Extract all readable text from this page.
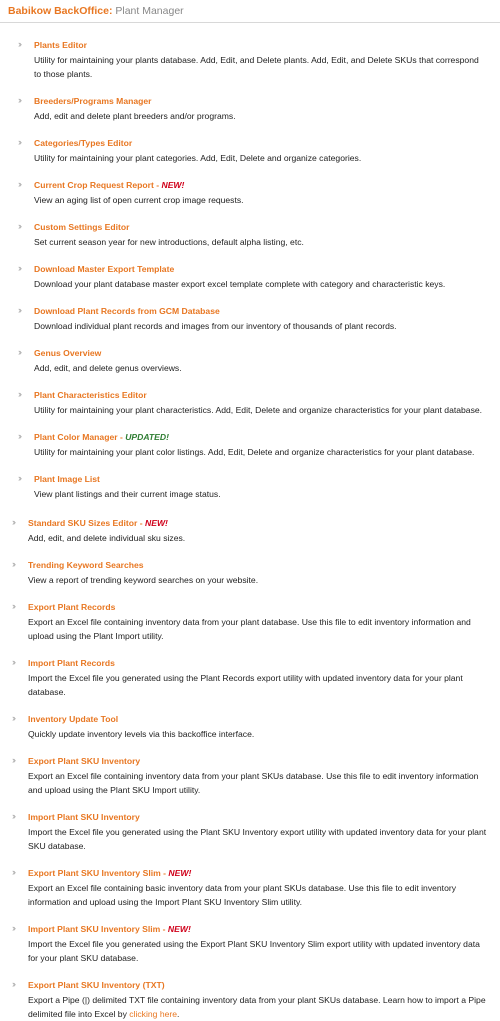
Babikow BackOffice: Plant Manager
›› Plants Editor
Utility for maintaining your plants database. Add, Edit, and Delete plants. Add, Edit, and Delete SKUs that correspond to those plants.
›› Breeders/Programs Manager
Add, edit and delete plant breeders and/or programs.
›› Categories/Types Editor
Utility for maintaining your plant categories. Add, Edit, Delete and organize categories.
›› Current Crop Request Report - NEW!
View an aging list of open current crop image requests.
›› Custom Settings Editor
Set current season year for new introductions, default alpha listing, etc.
›› Download Master Export Template
Download your plant database master export excel template complete with category and characteristic keys.
›› Download Plant Records from GCM Database
Download individual plant records and images from our inventory of thousands of plant records.
›› Genus Overview
Add, edit, and delete genus overviews.
›› Plant Characteristics Editor
Utility for maintaining your plant characteristics. Add, Edit, Delete and organize characteristics for your plant database.
›› Plant Color Manager - UPDATED!
Utility for maintaining your plant color listings. Add, Edit, Delete and organize characteristics for your plant database.
›› Plant Image List
View plant listings and their current image status.
›› Standard SKU Sizes Editor - NEW!
Add, edit, and delete individual sku sizes.
›› Trending Keyword Searches
View a report of trending keyword searches on your website.
›› Export Plant Records
Export an Excel file containing inventory data from your plant database. Use this file to edit inventory information and upload using the Plant Import utility.
›› Import Plant Records
Import the Excel file you generated using the Plant Records export utility with updated inventory data for your plant database.
›› Inventory Update Tool
Quickly update inventory levels via this backoffice interface.
›› Export Plant SKU Inventory
Export an Excel file containing inventory data from your plant SKUs database. Use this file to edit inventory information and upload using the Plant SKU Import utility.
›› Import Plant SKU Inventory
Import the Excel file you generated using the Plant SKU Inventory export utility with updated inventory data for your plant SKU database.
›› Export Plant SKU Inventory Slim - NEW!
Export an Excel file containing basic inventory data from your plant SKUs database. Use this file to edit inventory information and upload using the Import Plant SKU Inventory Slim utility.
›› Import Plant SKU Inventory Slim - NEW!
Import the Excel file you generated using the Export Plant SKU Inventory Slim export utility with updated inventory data for your plant SKU database.
›› Export Plant SKU Inventory (TXT)
Export a Pipe (|) delimited TXT file containing inventory data from your plant SKUs database. Learn how to import a Pipe delimited file into Excel by clicking here.
